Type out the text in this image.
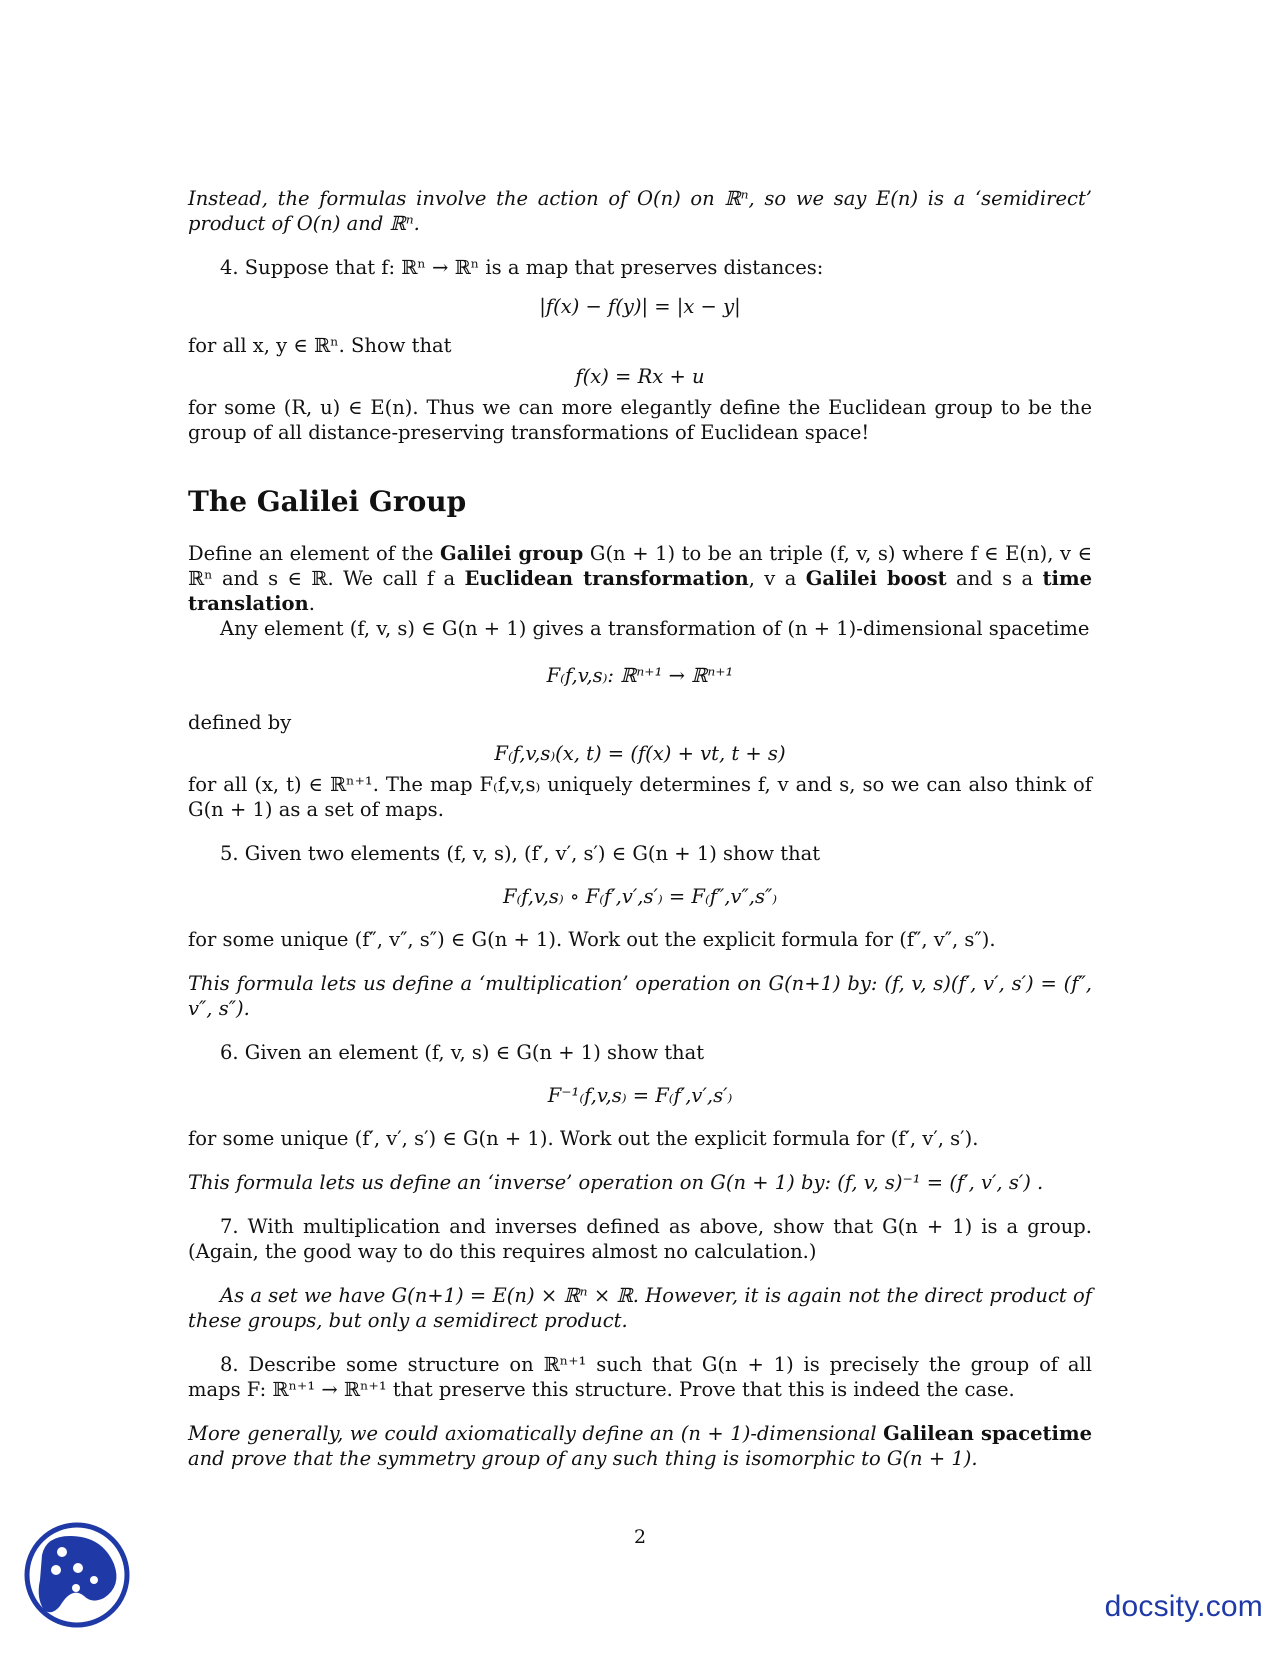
Instead, the formulas involve the action of O(n) on ℝⁿ, so we say E(n) is a ‘semidirect’ product of O(n) and ℝⁿ.

4. Suppose that f: ℝⁿ → ℝⁿ is a map that preserves distances:

|f(x) − f(y)| = |x − y|

for all x, y ∈ ℝⁿ. Show that

f(x) = Rx + u

for some (R, u) ∈ E(n). Thus we can more elegantly define the Euclidean group to be the group of all distance-preserving transformations of Euclidean space!

The Galilei Group

Define an element of the Galilei group G(n + 1) to be an triple (f, v, s) where f ∈ E(n), v ∈ ℝⁿ and s ∈ ℝ. We call f a Euclidean transformation, v a Galilei boost and s a time translation.

Any element (f, v, s) ∈ G(n + 1) gives a transformation of (n + 1)-dimensional spacetime

F₍f,v,s₎: ℝⁿ⁺¹ → ℝⁿ⁺¹

defined by

F₍f,v,s₎(x, t) = (f(x) + vt, t + s)

for all (x, t) ∈ ℝⁿ⁺¹. The map F₍f,v,s₎ uniquely determines f, v and s, so we can also think of G(n + 1) as a set of maps.

5. Given two elements (f, v, s), (f′, v′, s′) ∈ G(n + 1) show that

F₍f,v,s₎ ∘ F₍f′,v′,s′₎ = F₍f″,v″,s″₎

for some unique (f″, v″, s″) ∈ G(n + 1). Work out the explicit formula for (f″, v″, s″).

This formula lets us define a ‘multiplication’ operation on G(n+1) by: (f, v, s)(f′, v′, s′) = (f″, v″, s″).

6. Given an element (f, v, s) ∈ G(n + 1) show that

F⁻¹₍f,v,s₎ = F₍f′,v′,s′₎

for some unique (f′, v′, s′) ∈ G(n + 1). Work out the explicit formula for (f′, v′, s′).

This formula lets us define an ‘inverse’ operation on G(n + 1) by: (f, v, s)⁻¹ = (f′, v′, s′) .

7. With multiplication and inverses defined as above, show that G(n + 1) is a group. (Again, the good way to do this requires almost no calculation.)

As a set we have G(n+1) = E(n) × ℝⁿ × ℝ. However, it is again not the direct product of these groups, but only a semidirect product.

8. Describe some structure on ℝⁿ⁺¹ such that G(n + 1) is precisely the group of all maps F: ℝⁿ⁺¹ → ℝⁿ⁺¹ that preserve this structure. Prove that this is indeed the case.

More generally, we could axiomatically define an (n + 1)-dimensional Galilean spacetime and prove that the symmetry group of any such thing is isomorphic to G(n + 1).

2
docsity.com
